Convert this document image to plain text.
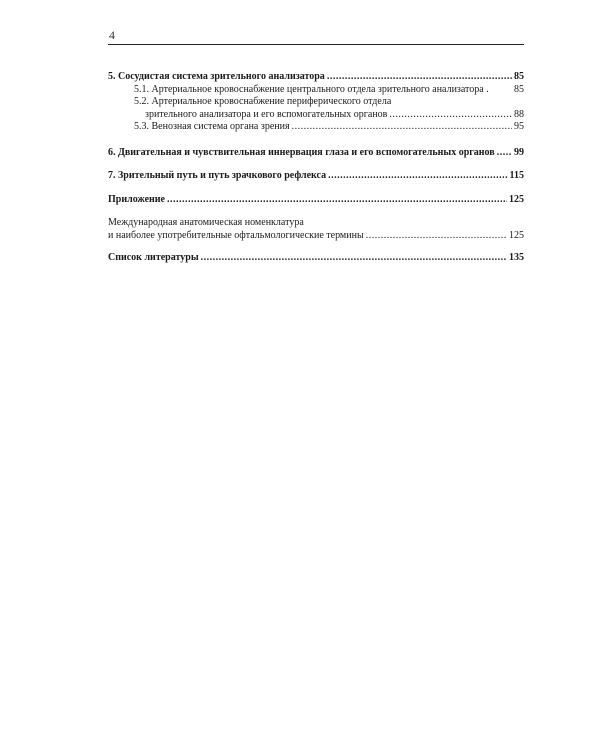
4
5. Сосудистая система зрительного анализатора .....	85
5.1. Артериальное кровоснабжение центрального отдела зрительного анализатора .	85
5.2. Артериальное кровоснабжение периферического отдела
зрительного анализатора и его вспомогательных органов .....	88
5.3. Венозная система органа зрения .....	95
6. Двигательная и чувствительная иннервация глаза и его вспомогательных органов ..... 99
7. Зрительный путь и путь зрачкового рефлекса .....	115
Приложение .....	125
Международная анатомическая номенклатура
и наиболее употребительные офтальмологические термины .....	125
Список литературы .....	135
